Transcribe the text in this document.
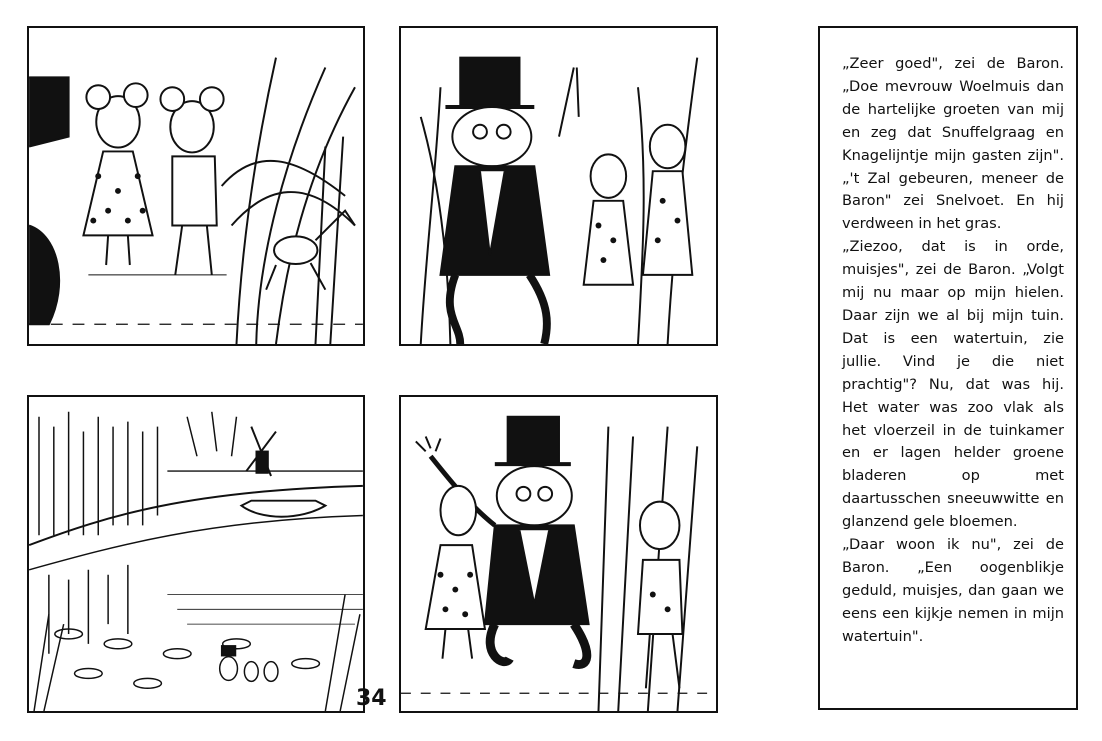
34

„Zeer goed", zei de Baron. „Doe mevrouw Woelmuis dan de hartelijke groeten van mij en zeg dat Snuffelgraag en Knagelijntje mijn gasten zijn". „'t Zal gebeuren, meneer de Baron" zei Snelvoet. En hij verdween in het gras.

„Ziezoo, dat is in orde, muisjes", zei de Baron. „Volgt mij nu maar op mijn hielen. Daar zijn we al bij mijn tuin. Dat is een watertuin, zie jullie. Vind je die niet prachtig"? Nu, dat was hij. Het water was zoo vlak als het vloerzeil in de tuinkamer en er lagen helder groene bladeren op met daartusschen sneeuwwitte en glanzend gele bloemen.

„Daar woon ik nu", zei de Baron. „Een oogenblikje geduld, muisjes, dan gaan we eens een kijkje nemen in mijn watertuin".
